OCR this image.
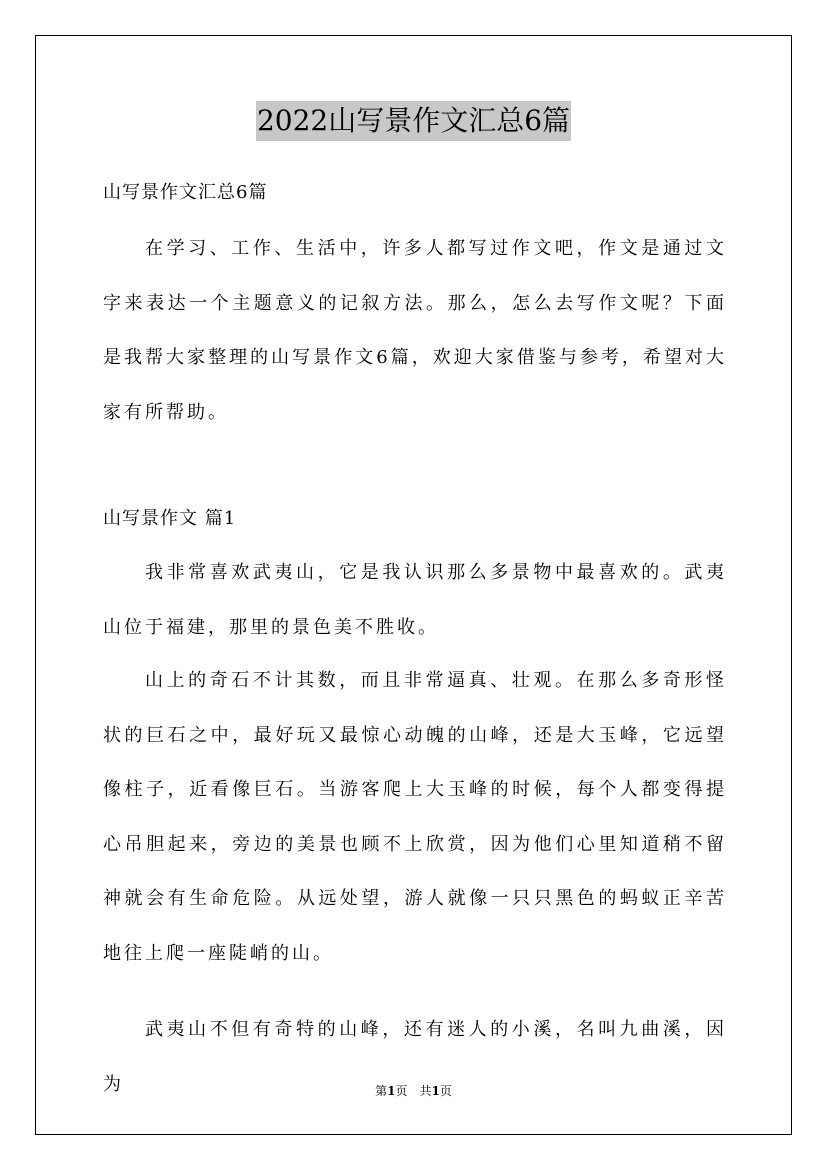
2022山写景作文汇总6篇

山写景作文汇总6篇

在学习、工作、生活中，许多人都写过作文吧，作文是通过文字来表达一个主题意义的记叙方法。那么，怎么去写作文呢？下面是我帮大家整理的山写景作文6篇，欢迎大家借鉴与参考，希望对大家有所帮助。

山写景作文 篇1

我非常喜欢武夷山，它是我认识那么多景物中最喜欢的。武夷山位于福建，那里的景色美不胜收。

山上的奇石不计其数，而且非常逼真、壮观。在那么多奇形怪状的巨石之中，最好玩又最惊心动魄的山峰，还是大玉峰，它远望像柱子，近看像巨石。当游客爬上大玉峰的时候，每个人都变得提心吊胆起来，旁边的美景也顾不上欣赏，因为他们心里知道稍不留神就会有生命危险。从远处望，游人就像一只只黑色的蚂蚁正辛苦地往上爬一座陡峭的山。

武夷山不但有奇特的山峰，还有迷人的小溪，名叫九曲溪，因为	第1页　共1页
